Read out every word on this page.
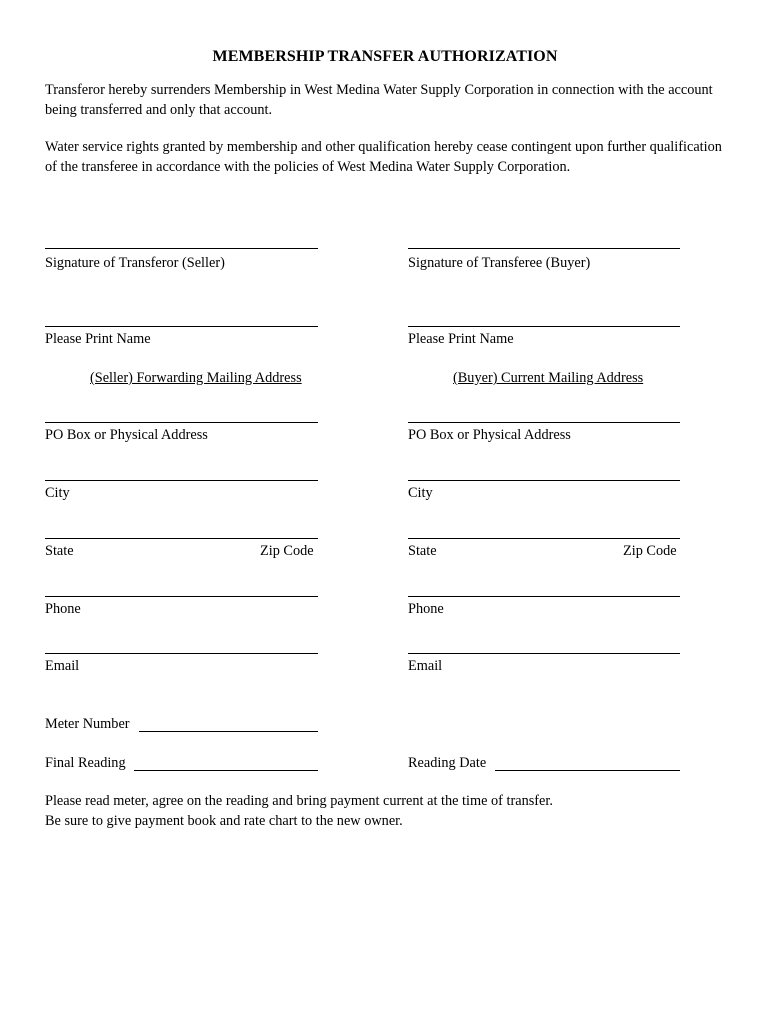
MEMBERSHIP TRANSFER AUTHORIZATION
Transferor hereby surrenders Membership in West Medina Water Supply Corporation in connection with the account being transferred and only that account.
Water service rights granted by membership and other qualification hereby cease contingent upon further qualification of the transferee in accordance with the policies of West Medina Water Supply Corporation.
Signature of Transferor (Seller)	Signature of Transferee (Buyer)
Please Print Name	Please Print Name
(Seller) Forwarding Mailing Address	(Buyer) Current Mailing Address
PO Box or Physical Address	PO Box or Physical Address
City	City
State	Zip Code	State	Zip Code
Phone	Phone
Email	Email
Meter Number
Final Reading	Reading Date
Please read meter, agree on the reading and bring payment current at the time of transfer.
Be sure to give payment book and rate chart to the new owner.
